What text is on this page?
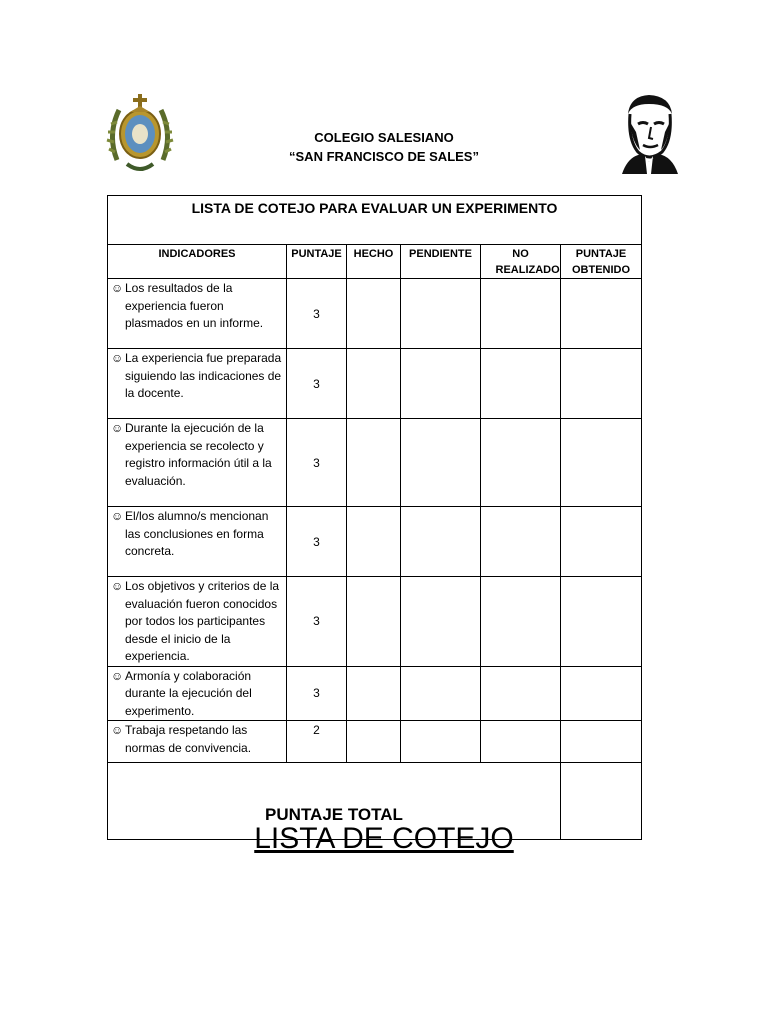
COLEGIO SALESIANO
“SAN FRANCISCO DE SALES”
LISTA DE COTEJO PARA EVALUAR UN EXPERIMENTO					
INDICADORES	PUNTAJE	HECHO	PENDIENTE	NO REALIZADO	PUNTAJE OBTENIDO

☺ Los resultados de la experiencia fueron plasmados en un informe.	3				

☺ La experiencia fue preparada siguiendo las indicaciones de la docente.	3				

☺ Durante la ejecución de la experiencia se recolecto y registro información útil a la evaluación.	3				

☺ El/los alumno/s mencionan las conclusiones en forma concreta.	3				

☺ Los objetivos y criterios de la evaluación fueron conocidos por todos los participantes desde el inicio de la experiencia.	3				

☺ Armonía y colaboración durante la ejecución del experimento.	3				

☺ Trabaja respetando las normas de convivencia.	2				
PUNTAJE TOTAL					
LISTA DE COTEJO
